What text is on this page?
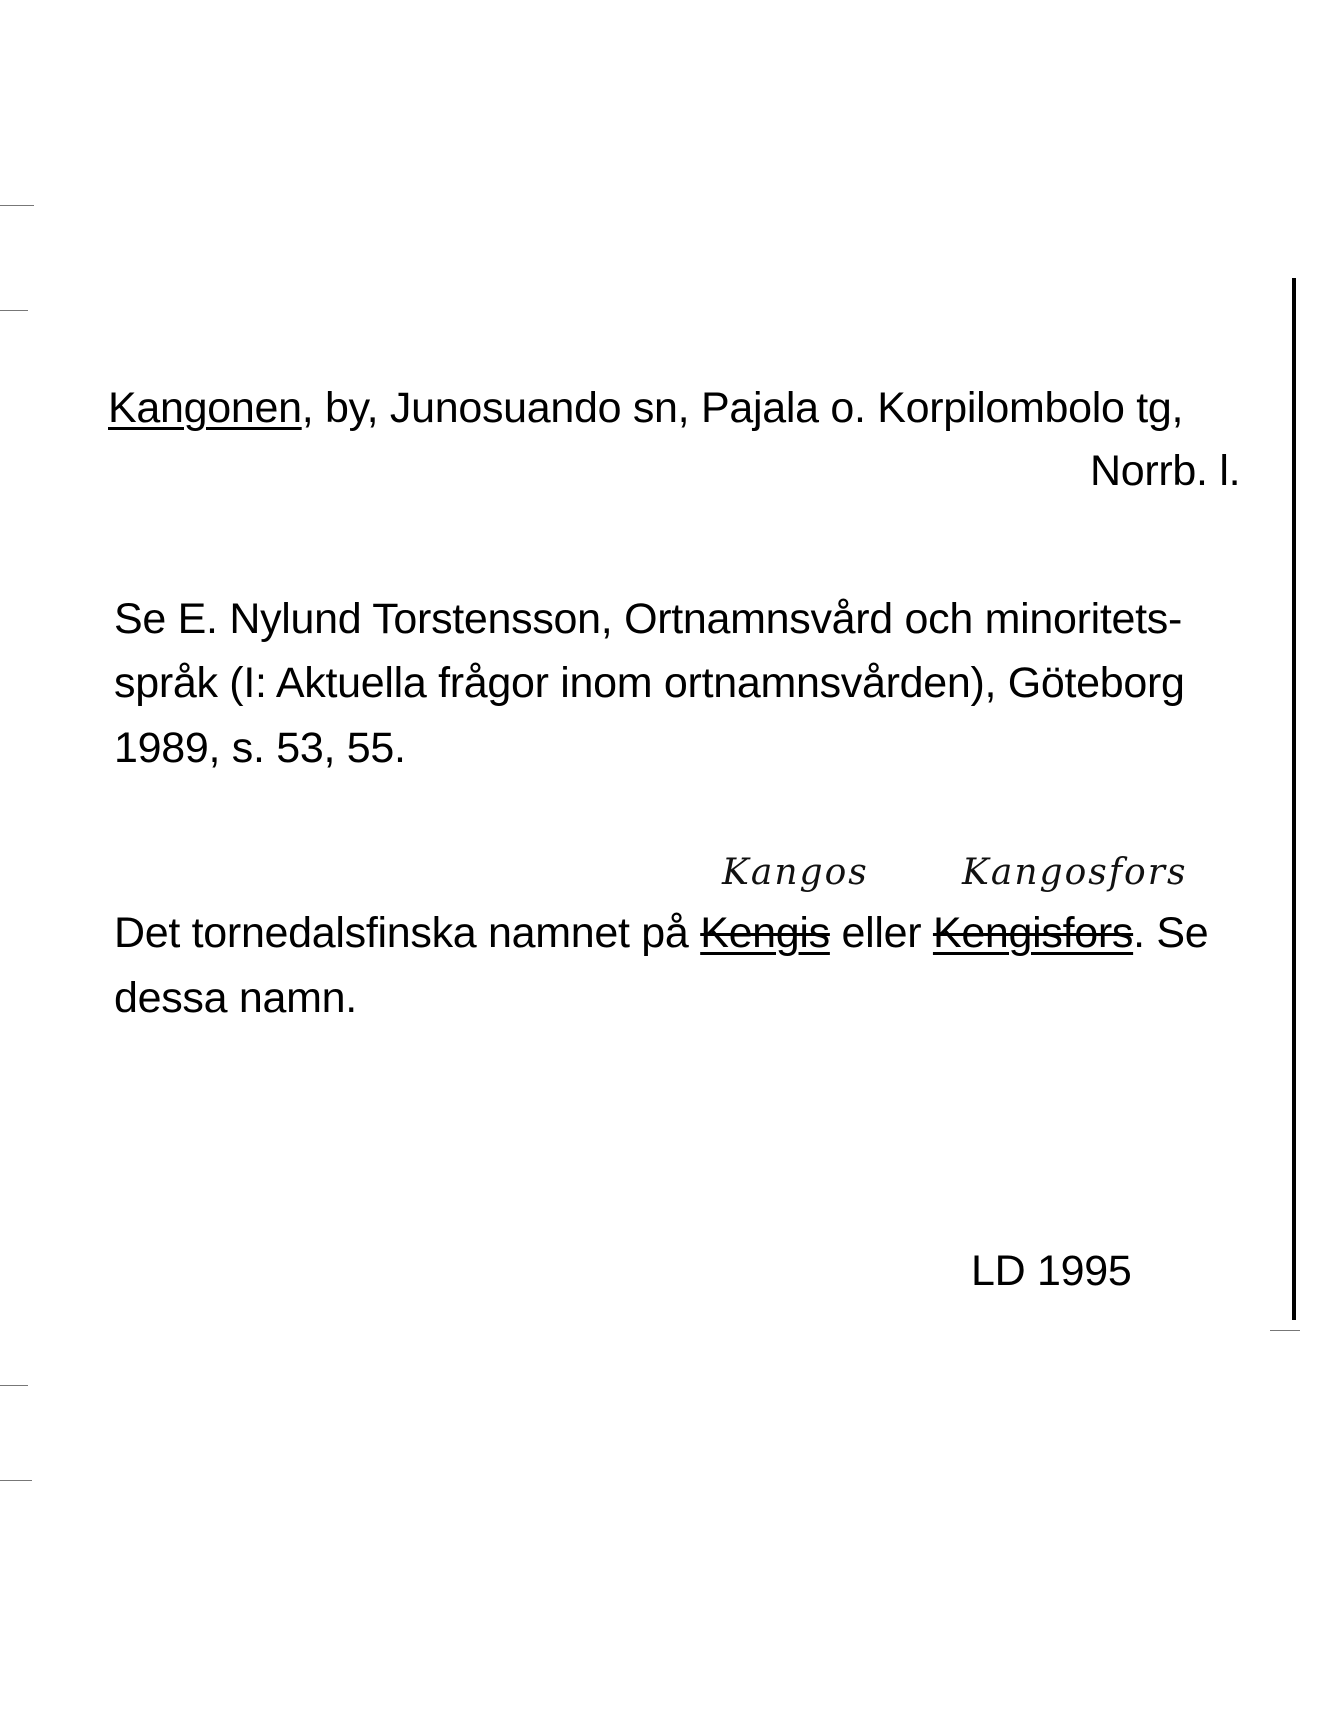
Kangonen, by, Junosuando sn, Pajala o. Korpilombolo tg,
Norrb. l.
Se E. Nylund Torstensson, Ortnamnsvård och minoritets-
språk (I: Aktuella frågor inom ortnamnsvården), Göteborg
1989, s. 53, 55.
Kangos	Kangosfors
Det tornedalsfinska namnet på Kengis eller Kengisfors. Se
dessa namn.
LD 1995
